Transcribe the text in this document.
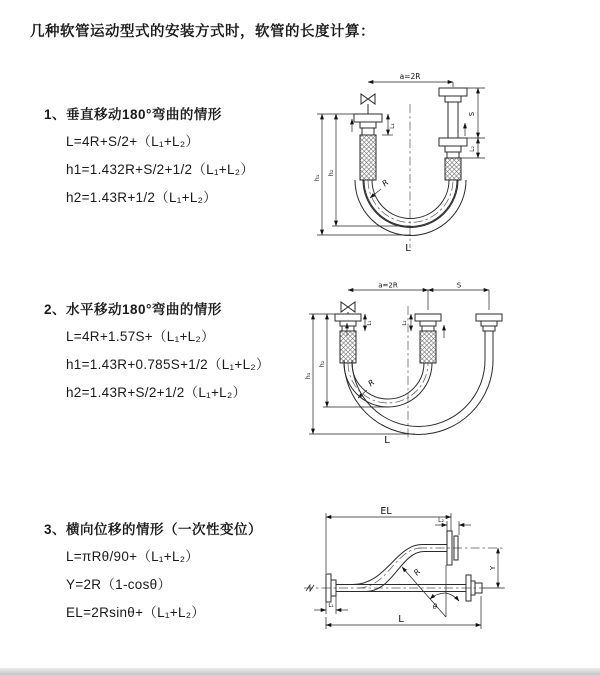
几种软管运动型式的安装方式时，软管的长度计算：
1、垂直移动180°弯曲的情形
L=4R+S/2+（L₁+L₂）
h1=1.432R+S/2+1/2（L₁+L₂）
h2=1.43R+1/2（L₁+L₂）
a=2R
h₁
h₂
S
L₂
L₁
R
L
2、水平移动180°弯曲的情形
L=4R+1.57S+（L₁+L₂）
h1=1.43R+0.785S+1/2（L₁+L₂）
h2=1.43R+S/2+1/2（L₁+L₂）
a=2R	S
h₁
h₂
L₁	L₂
R
L
3、横向位移的情形（一次性变位）
L=πRθ/90+（L₁+L₂）
Y=2R（1-cosθ）
EL=2Rsinθ+（L₁+L₂）
EL
L₂
Y
R
θ
L₁
L
